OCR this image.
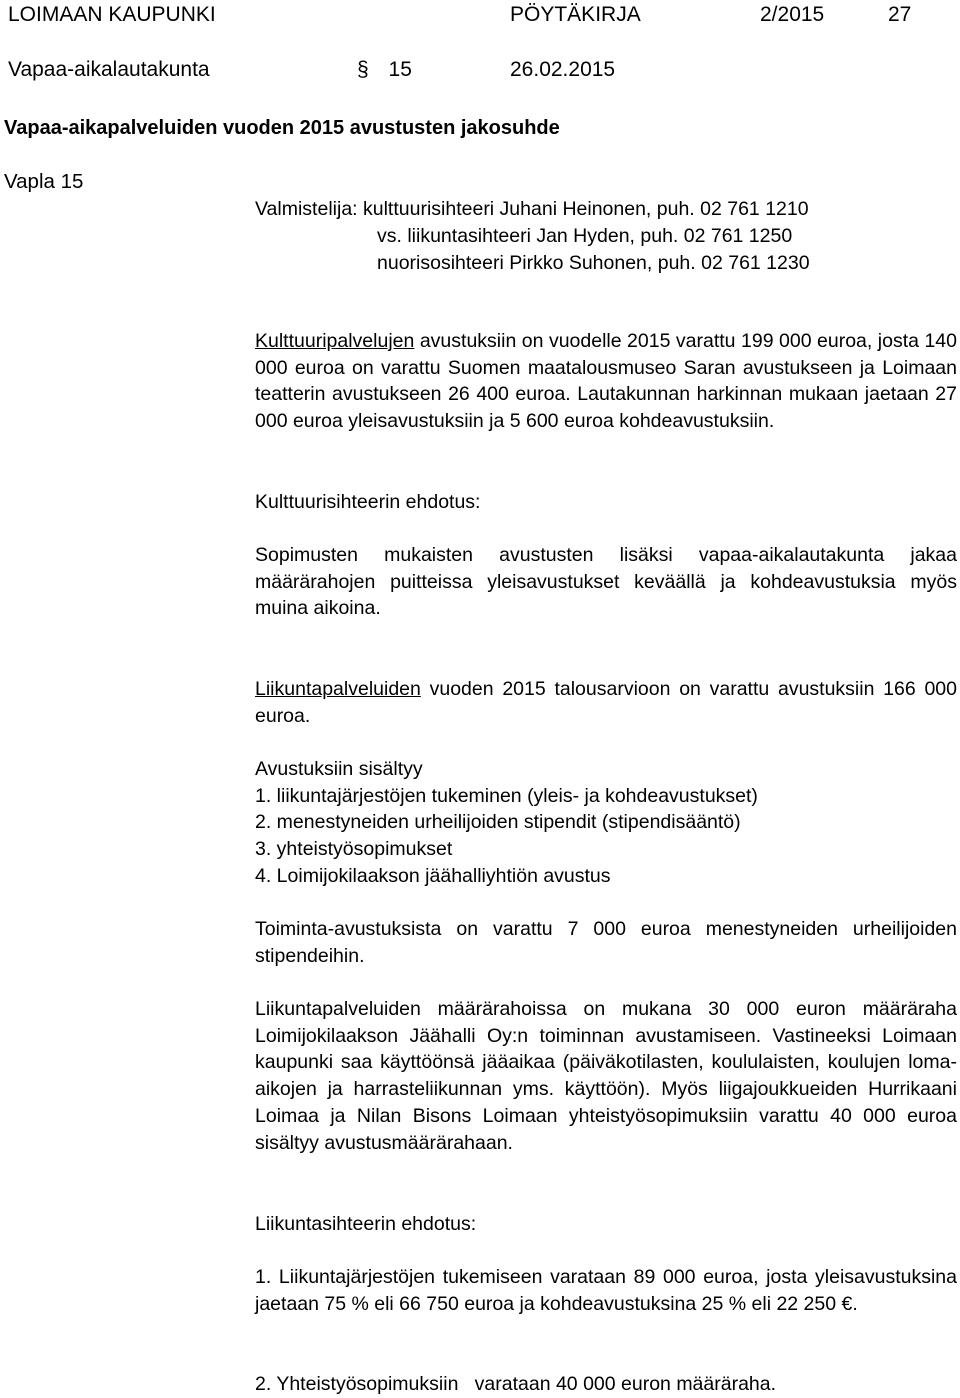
LOIMAAN KAUPUNKI	PÖYTÄKIRJA	2/2015	27
Vapaa-aikalautakunta	§ 15	26.02.2015
Vapaa-aikapalveluiden vuoden 2015 avustusten jakosuhde
Vapla 15
Valmistelija: kulttuurisihteeri Juhani Heinonen, puh. 02 761 1210
vs. liikuntasihteeri Jan Hyden, puh. 02 761 1250
nuorisosihteeri Pirkko Suhonen, puh. 02 761 1230
Kulttuuripalvelujen avustuksiin on vuodelle 2015 varattu 199 000 euroa, josta 140 000 euroa on varattu Suomen maatalousmuseo Saran avustukseen ja Loimaan teatterin avustukseen 26 400 euroa. Lautakunnan harkinnan mukaan jaetaan 27 000 euroa yleisavustuksiin ja 5 600 euroa kohdeavustuksiin.
Kulttuurisihteerin ehdotus:
Sopimusten mukaisten avustusten lisäksi vapaa-aikalautakunta jakaa määrärahojen puitteissa yleisavustukset keväällä ja kohdeavustuksia myös muina aikoina.
Liikuntapalveluiden vuoden 2015 talousarvioon on varattu avustuksiin 166 000 euroa.
Avustuksiin sisältyy
1. liikuntajärjestöjen tukeminen (yleis- ja kohdeavustukset)
2. menestyneiden urheilijoiden stipendit (stipendisääntö)
3. yhteistyösopimukset
4. Loimijokilaakson jäähalliyhtiön avustus
Toiminta-avustuksista on varattu 7 000 euroa menestyneiden urheilijoiden stipendeihin.
Liikuntapalveluiden määrärahoissa on mukana 30 000 euron määräraha Loimijokilaakson Jäähalli Oy:n toiminnan avustamiseen. Vastineeksi Loimaan kaupunki saa käyttöönsä jääaikaa (päiväkotilasten, koululaisten, koulujen loma-aikojen ja harrasteliikunnan yms. käyttöön). Myös liigajoukkueiden Hurrikaani Loimaa ja Nilan Bisons Loimaan yhteistyösopimuksiin varattu 40 000 euroa sisältyy avustusmäärärahaan.
Liikuntasihteerin ehdotus:
1. Liikuntajärjestöjen tukemiseen varataan 89 000 euroa, josta yleisavustuksina jaetaan 75 % eli 66 750 euroa ja kohdeavustuksina 25 % eli 22 250 €.
2. Yhteistyösopimuksiin   varataan 40 000 euron määräraha.
